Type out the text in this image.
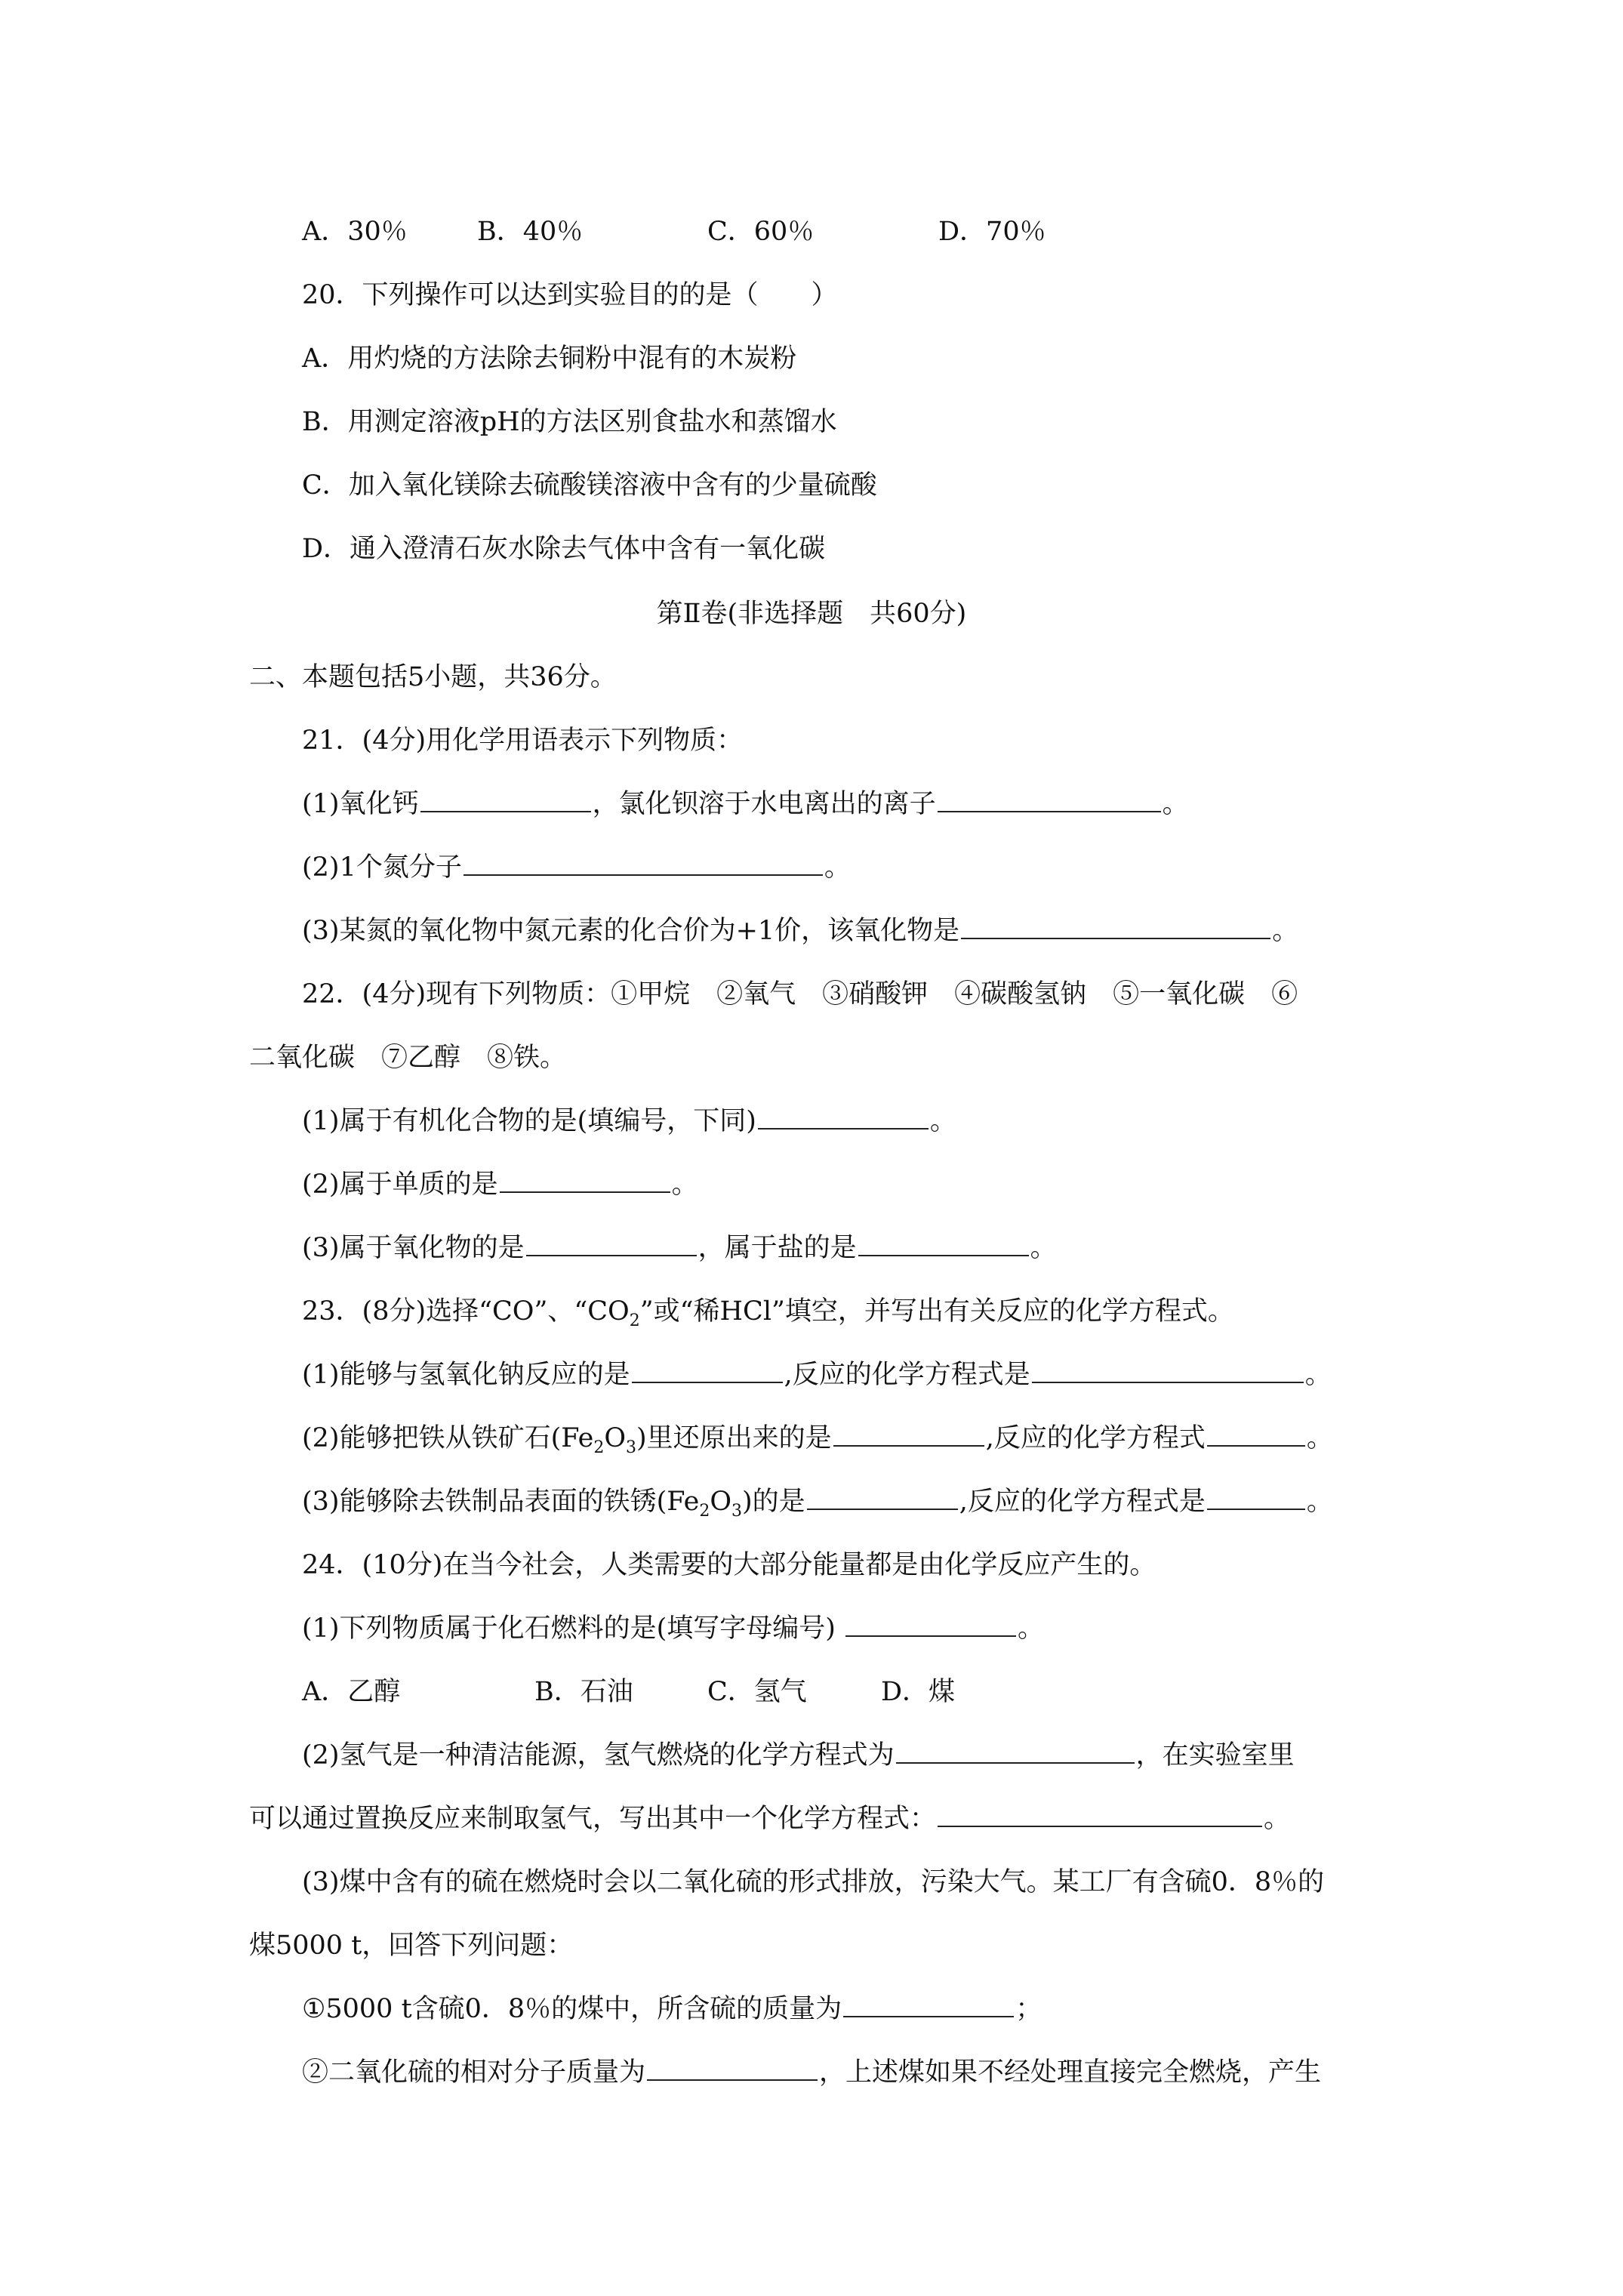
A．30％	B．40％	C．60％	D．70％
20．下列操作可以达到实验目的的是（　　）
A．用灼烧的方法除去铜粉中混有的木炭粉
B．用测定溶液pH的方法区别食盐水和蒸馏水
C．加入氧化镁除去硫酸镁溶液中含有的少量硫酸
D．通入澄清石灰水除去气体中含有一氧化碳
第Ⅱ卷(非选择题　共60分)
二、本题包括5小题，共36分。
21．(4分)用化学用语表示下列物质：
(1)氧化钙	，氯化钡溶于水电离出的离子	。
(2)1个氮分子	。
(3)某氮的氧化物中氮元素的化合价为+1价，该氧化物是	。
22．(4分)现有下列物质：①甲烷　②氧气　③硝酸钾　④碳酸氢钠　⑤一氧化碳　⑥
二氧化碳　⑦乙醇　⑧铁。
(1)属于有机化合物的是(填编号，下同)	。
(2)属于单质的是	。
(3)属于氧化物的是	，属于盐的是	。
23．(8分)选择“CO”、“$CO_2$”或“稀HCl”填空，并写出有关反应的化学方程式。
(1)能够与氢氧化钠反应的是	,反应的化学方程式是	。
(2)能够把铁从铁矿石$(Fe_2O_3)$里还原出来的是	,反应的化学方程式	。
(3)能够除去铁制品表面的铁锈$(Fe_2O_3)$的是	,反应的化学方程式是	。
24．(10分)在当今社会，人类需要的大部分能量都是由化学反应产生的。
(1)下列物质属于化石燃料的是(填写字母编号)	。
A．乙醇	B．石油	C．氢气	D．煤
(2)氢气是一种清洁能源，氢气燃烧的化学方程式为	，在实验室里
可以通过置换反应来制取氢气，写出其中一个化学方程式：	。
(3)煤中含有的硫在燃烧时会以二氧化硫的形式排放，污染大气。某工厂有含硫0．8％的
煤5000 t，回答下列问题：
①5000 t含硫0．8％的煤中，所含硫的质量为	；
②二氧化硫的相对分子质量为	，上述煤如果不经处理直接完全燃烧，产生
